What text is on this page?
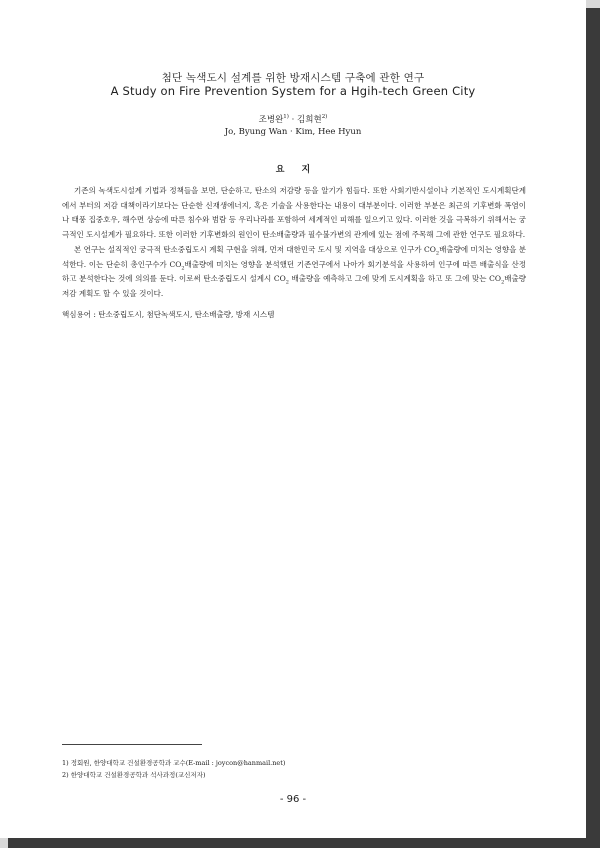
첨단 녹색도시 설계를 위한 방재시스템 구축에 관한 연구
A Study on Fire Prevention System for a Hgih-tech Green City
조병완$^{1)}$ · 김희현$^{2)}$
Jo, Byung Wan · Kim, Hee Hyun
요 지

기존의 녹색도시설계 기법과 정책들을 보면, 단순하고, 탄소의 저감량 등을 알기가 힘들다. 또한 사회기반시설이나 기본적인 도시계획단계에서 부터의 저감 대책이라기보다는 단순한 신재생에너지, 혹은 기술을 사용한다는 내용이 대부분이다. 이러한 부분은 최근의 기후변화 폭염이나 태풍 집중호우, 해수면 상승에 따른 침수와 범람 등 우리나라를 포함하여 세계적인 피해를 일으키고 있다. 이러한 것을 극복하기 위해서는 궁극적인 도시설계가 필요하다. 또한 이러한 기후변화의 원인이 탄소배출량과 필수불가변의 관계에 있는 점에 주목해 그에 관한 연구도 필요하다.

본 연구는 설직적인 궁극적 탄소중립도시 계획 구현을 위해, 먼저 대한민국 도시 및 지역을 대상으로 인구가 $CO_2$배출량에 미치는 영향을 분석한다. 이는 단순히 총인구수가 $CO_2$배출량에 미치는 영향을 분석했던 기존연구에서 나아가 회기분석을 사용하여 인구에 따른 배출식을 산정하고 분석한다는 것에 의의를 둔다. 이로써 탄소중립도시 설계시 $CO_2$ 배출량을 예측하고 그에 맞게 도시계획을 하고 또 그에 맞는 $CO_2$배출량저감 계획도 할 수 있을 것이다.

핵심용어 : 탄소중립도시, 첨단녹색도시, 탄소배출량, 방재 시스템

1) 정회원, 한양대학교 건설환경공학과 교수(E-mail : joycon@hanmail.net)
2) 한양대학교 건설환경공학과 석사과정(교신저자)
- 96 -
